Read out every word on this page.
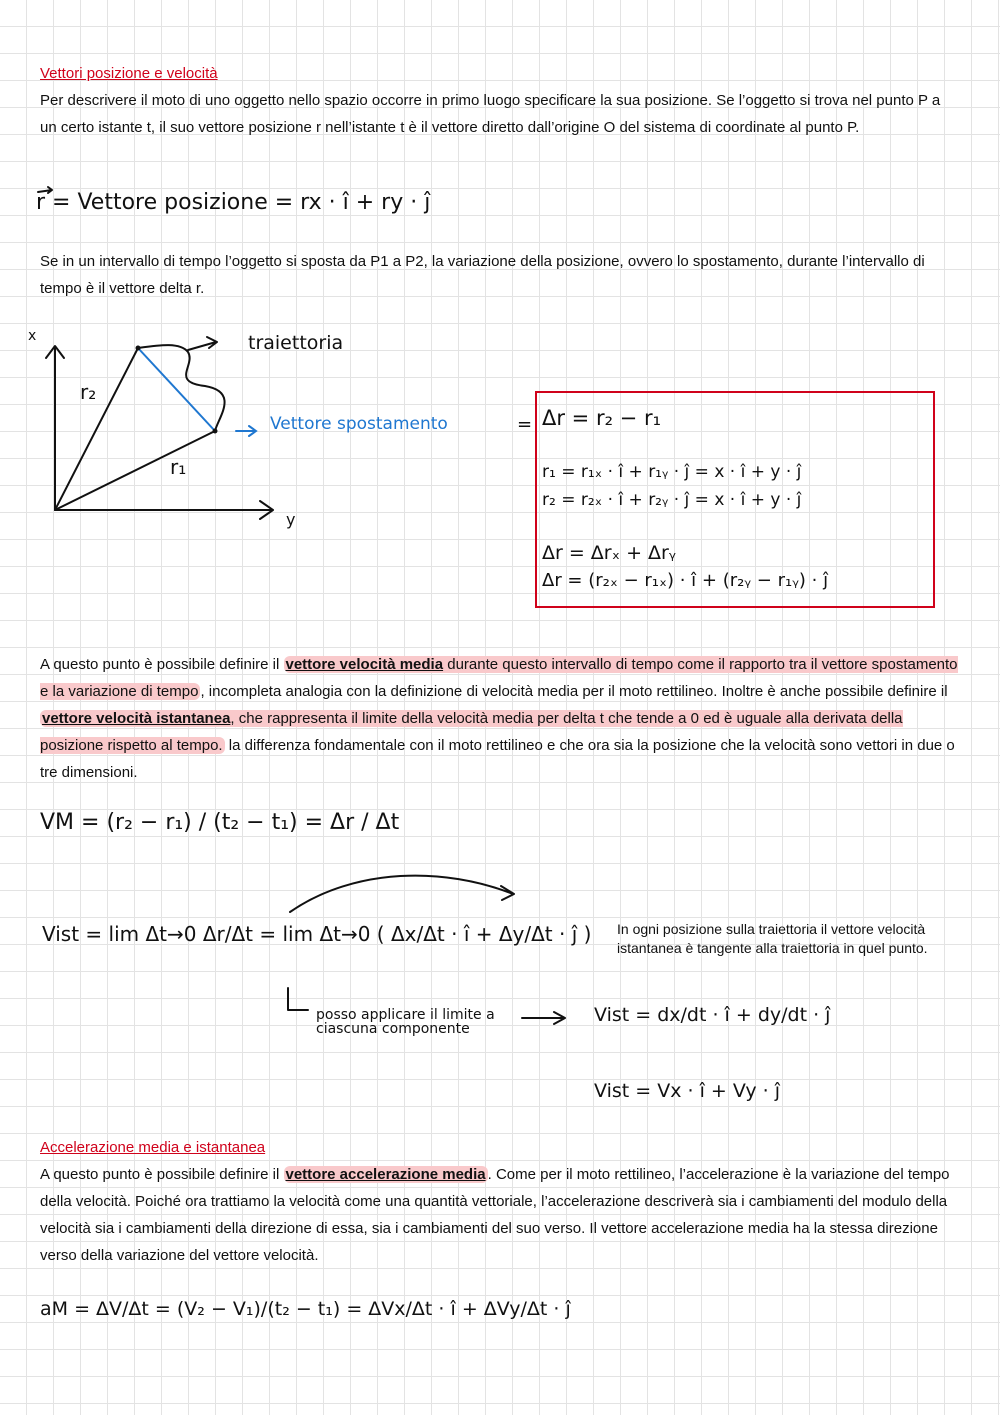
Vettori posizione e velocità
Per descrivere il moto di uno oggetto nello spazio occorre in primo luogo specificare la sua posizione. Se l’oggetto si trova nel punto P a un certo istante t, il suo vettore posizione r nell’istante t è il vettore diretto dall’origine O del sistema di coordinate al punto P.
r = Vettore posizione = rx · î + ry · ĵ
Se in un intervallo di tempo l’oggetto si sposta da P1 a P2, la variazione della posizione, ovvero lo spostamento, durante l’intervallo di tempo è il vettore delta r.
x
y
r₂
r₁
traiettoria
Vettore spostamento	= Δr = r₂ − r₁
r₁ = r₁ₓ · î + r₁ᵧ · ĵ = x · î + y · ĵ
r₂ = r₂ₓ · î + r₂ᵧ · ĵ = x · î + y · ĵ
Δr = Δrₓ + Δrᵧ
Δr = (r₂ₓ − r₁ₓ) · î + (r₂ᵧ − r₁ᵧ) · ĵ
A questo punto è possibile definire il vettore velocità media durante questo intervallo di tempo come il rapporto tra il vettore spostamento e la variazione di tempo , incompleta analogia con la definizione di velocità media per il moto rettilineo. Inoltre è anche possibile definire il vettore velocità istantanea, che rappresenta il limite della velocità media per delta t che tende a 0 ed è uguale alla derivata della posizione rispetto al tempo. la differenza fondamentale con il moto rettilineo e che ora sia la posizione che la velocità sono vettori in due o tre dimensioni.
VM = (r₂ − r₁) / (t₂ − t₁) = Δr / Δt
Vist = lim Δt→0 Δr/Δt = lim Δt→0 ( Δx/Δt · î + Δy/Δt · ĵ ) In ogni posizione sulla traiettoria il vettore velocità istantanea è tangente alla traiettoria in quel punto.
posso applicare il limite a ciascuna componente
Vist = dx/dt · î + dy/dt · ĵ
Vist = Vx · î + Vy · ĵ
Accelerazione media e istantanea
A questo punto è possibile definire il vettore accelerazione media . Come per il moto rettilineo, l’accelerazione è la variazione del tempo della velocità. Poiché ora trattiamo la velocità come una quantità vettoriale, l’accelerazione descriverà sia i cambiamenti del modulo della velocità sia i cambiamenti della direzione di essa, sia i cambiamenti del suo verso. Il vettore accelerazione media ha la stessa direzione verso della variazione del vettore velocità.
aM = ΔV/Δt = (V₂ − V₁)/(t₂ − t₁) = ΔVx/Δt · î + ΔVy/Δt · ĵ
